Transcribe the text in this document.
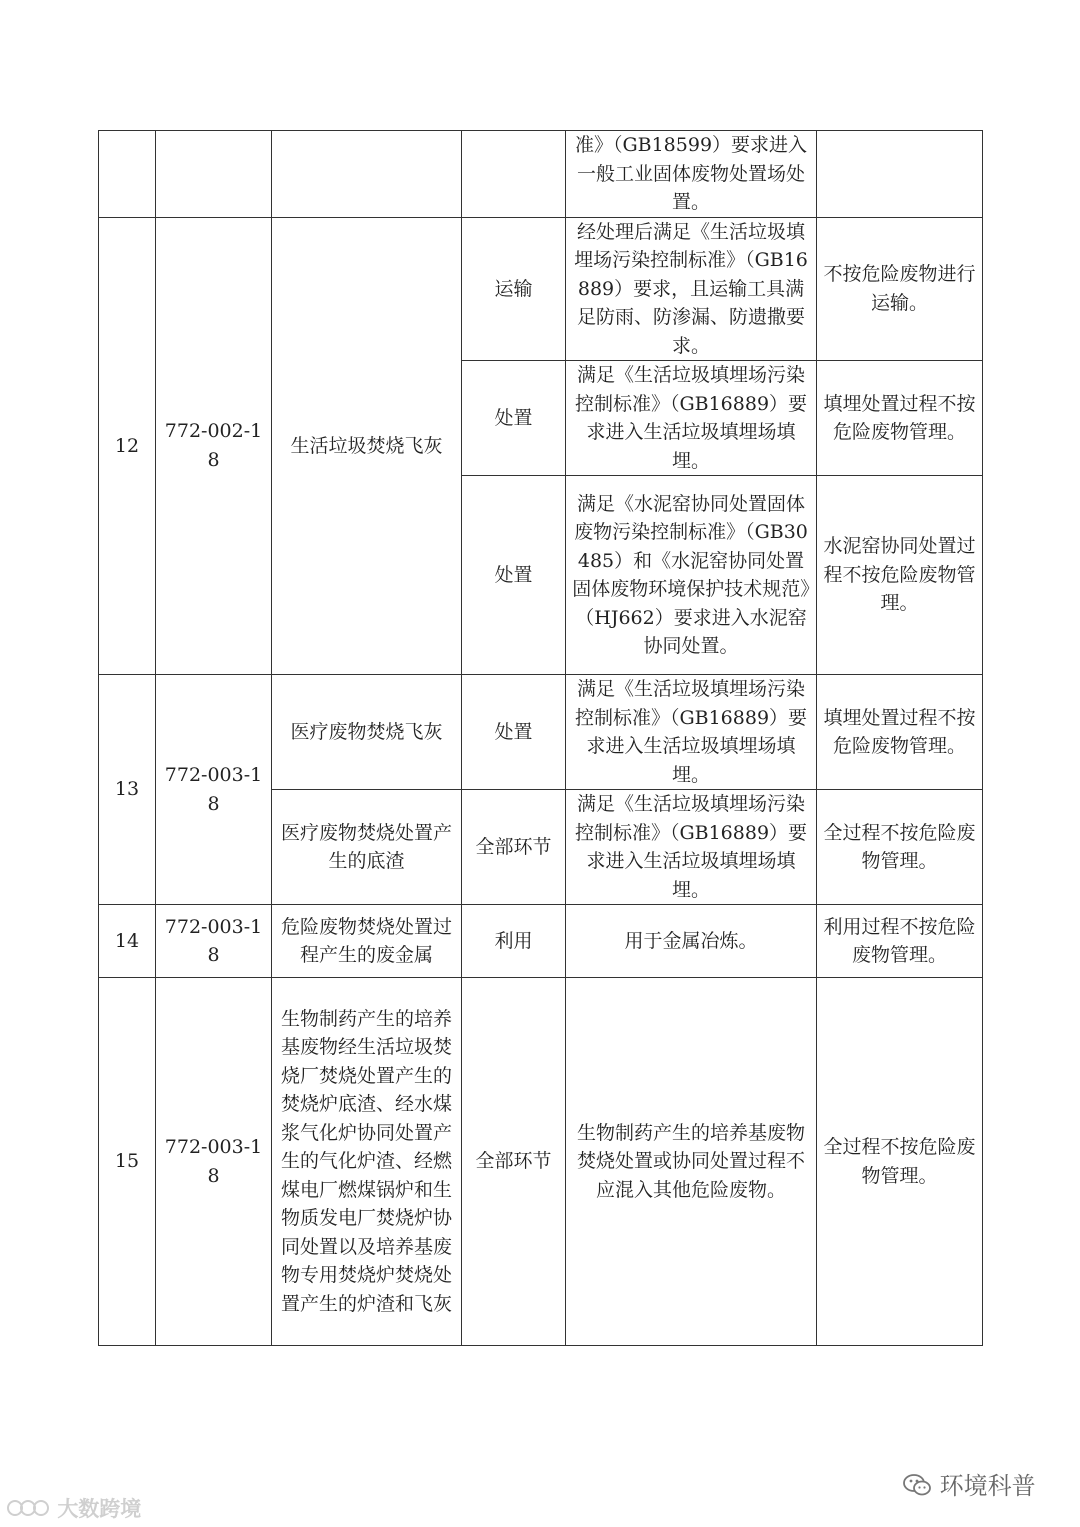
				准》（GB18599）要求进入一般工业固体废物处置场处置。	
12	772-002-18	生活垃圾焚烧飞灰	运输	经处理后满足《生活垃圾填埋场污染控制标准》（GB16889）要求，且运输工具满足防雨、防渗漏、防遗撒要求。	不按危险废物进行运输。
			处置	满足《生活垃圾填埋场污染控制标准》（GB16889）要求进入生活垃圾填埋场填埋。	填埋处置过程不按危险废物管理。
			处置	满足《水泥窑协同处置固体废物污染控制标准》（GB30485）和《水泥窑协同处置固体废物环境保护技术规范》（HJ662）要求进入水泥窑协同处置。	水泥窑协同处置过程不按危险废物管理。
13	772-003-18	医疗废物焚烧飞灰	处置	满足《生活垃圾填埋场污染控制标准》（GB16889）要求进入生活垃圾填埋场填埋。	填埋处置过程不按危险废物管理。
		医疗废物焚烧处置产生的底渣	全部环节	满足《生活垃圾填埋场污染控制标准》（GB16889）要求进入生活垃圾填埋场填埋。	全过程不按危险废物管理。
14	772-003-18	危险废物焚烧处置过程产生的废金属	利用	用于金属冶炼。	利用过程不按危险废物管理。
15	772-003-18	生物制药产生的培养基废物经生活垃圾焚烧厂焚烧处置产生的焚烧炉底渣、经水煤浆气化炉协同处置产生的气化炉渣、经燃煤电厂燃煤锅炉和生物质发电厂焚烧炉协同处置以及培养基废物专用焚烧炉焚烧处置产生的炉渣和飞灰	全部环节	生物制药产生的培养基废物焚烧处置或协同处置过程不应混入其他危险废物。	全过程不按危险废物管理。
大数跨境
环境科普
